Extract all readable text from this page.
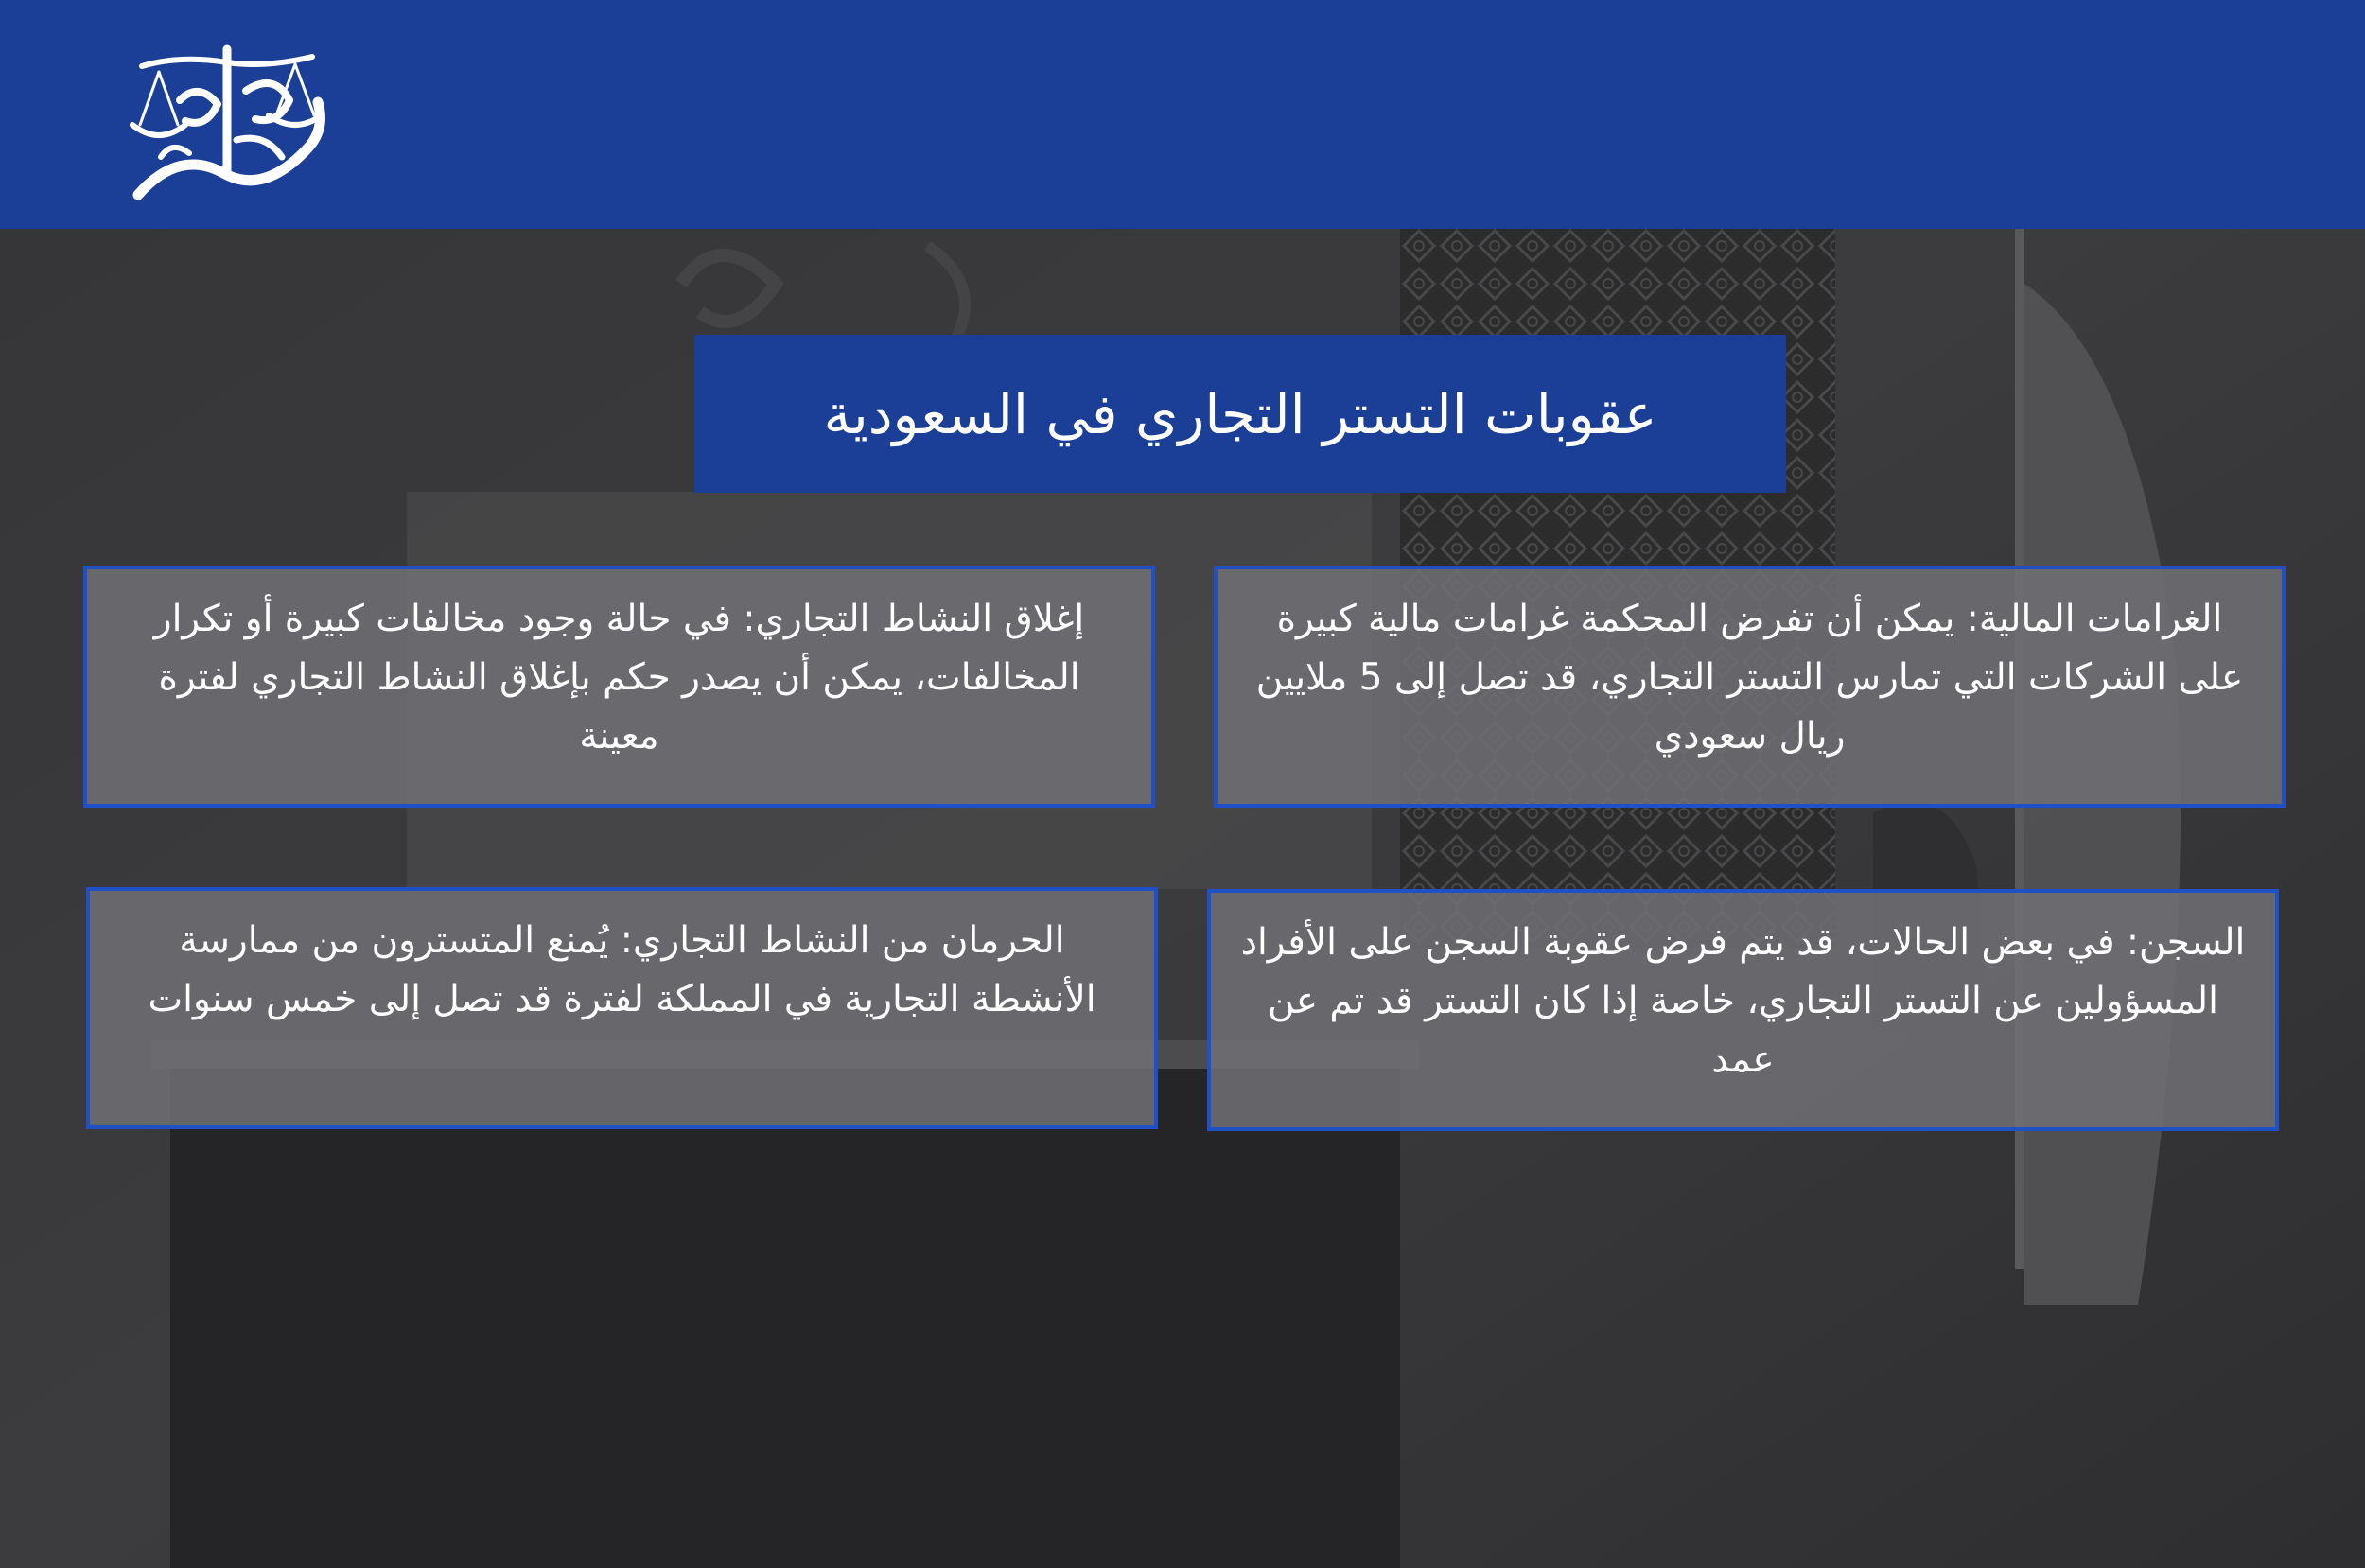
عقوبات التستر التجاري في السعودية
الغرامات المالية: يمكن أن تفرض المحكمة غرامات مالية كبيرة على الشركات التي تمارس التستر التجاري، قد تصل إلى 5 ملايين ريال سعودي
إغلاق النشاط التجاري: في حالة وجود مخالفات كبيرة أو تكرار المخالفات، يمكن أن يصدر حكم بإغلاق النشاط التجاري لفترة معينة
السجن: في بعض الحالات، قد يتم فرض عقوبة السجن على الأفراد المسؤولين عن التستر التجاري، خاصة إذا كان التستر قد تم عن عمد
الحرمان من النشاط التجاري: يُمنع المتسترون من ممارسة الأنشطة التجارية في المملكة لفترة قد تصل إلى خمس سنوات
